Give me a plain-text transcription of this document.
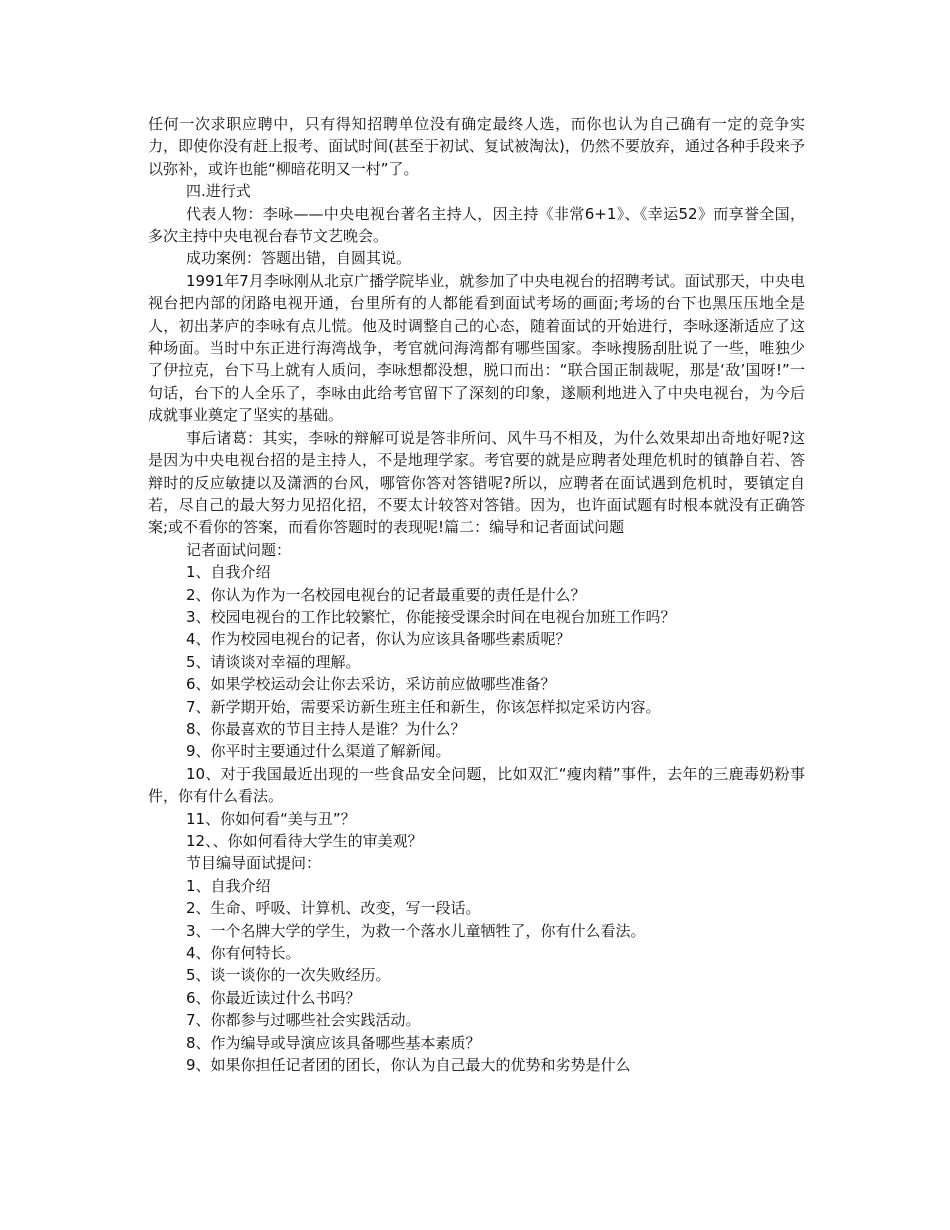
任何一次求职应聘中，只有得知招聘单位没有确定最终人选，而你也认为自己确有一定的竞争实力，即使你没有赶上报考、面试时间(甚至于初试、复试被淘汰)，仍然不要放弃，通过各种手段来予以弥补，或许也能“柳暗花明又一村”了。

四.进行式

代表人物：李咏——中央电视台著名主持人，因主持《非常6+1》、《幸运52》而享誉全国，多次主持中央电视台春节文艺晚会。

成功案例：答题出错，自圆其说。

1991年7月李咏刚从北京广播学院毕业，就参加了中央电视台的招聘考试。面试那天，中央电视台把内部的闭路电视开通，台里所有的人都能看到面试考场的画面;考场的台下也黑压压地全是人，初出茅庐的李咏有点儿慌。他及时调整自己的心态，随着面试的开始进行，李咏逐渐适应了这种场面。当时中东正进行海湾战争，考官就问海湾都有哪些国家。李咏搜肠刮肚说了一些，唯独少了伊拉克，台下马上就有人质问，李咏想都没想，脱口而出：“联合国正制裁呢，那是‘敌’国呀!”一句话，台下的人全乐了，李咏由此给考官留下了深刻的印象，遂顺利地进入了中央电视台，为今后成就事业奠定了坚实的基础。

事后诸葛：其实，李咏的辩解可说是答非所问、风牛马不相及，为什么效果却出奇地好呢?这是因为中央电视台招的是主持人，不是地理学家。考官要的就是应聘者处理危机时的镇静自若、答辩时的反应敏捷以及潇洒的台风，哪管你答对答错呢?所以，应聘者在面试遇到危机时，要镇定自若，尽自己的最大努力见招化招，不要太计较答对答错。因为，也许面试题有时根本就没有正确答案;或不看你的答案，而看你答题时的表现呢!篇二：编导和记者面试问题

记者面试问题：

1、自我介绍

2、你认为作为一名校园电视台的记者最重要的责任是什么？

3、校园电视台的工作比较繁忙，你能接受课余时间在电视台加班工作吗？

4、作为校园电视台的记者，你认为应该具备哪些素质呢？

5、请谈谈对幸福的理解。

6、如果学校运动会让你去采访，采访前应做哪些准备？

7、新学期开始，需要采访新生班主任和新生，你该怎样拟定采访内容。

8、你最喜欢的节目主持人是谁？为什么？

9、你平时主要通过什么渠道了解新闻。

10、对于我国最近出现的一些食品安全问题，比如双汇“瘦肉精”事件，去年的三鹿毒奶粉事件，你有什么看法。

11、你如何看“美与丑”？

12、、你如何看待大学生的审美观？

节目编导面试提问：

1、自我介绍

2、生命、呼吸、计算机、改变，写一段话。

3、一个名牌大学的学生，为救一个落水儿童牺牲了，你有什么看法。

4、你有何特长。

5、谈一谈你的一次失败经历。

6、你最近读过什么书吗？

7、你都参与过哪些社会实践活动。

8、作为编导或导演应该具备哪些基本素质？

9、如果你担任记者团的团长，你认为自己最大的优势和劣势是什么
